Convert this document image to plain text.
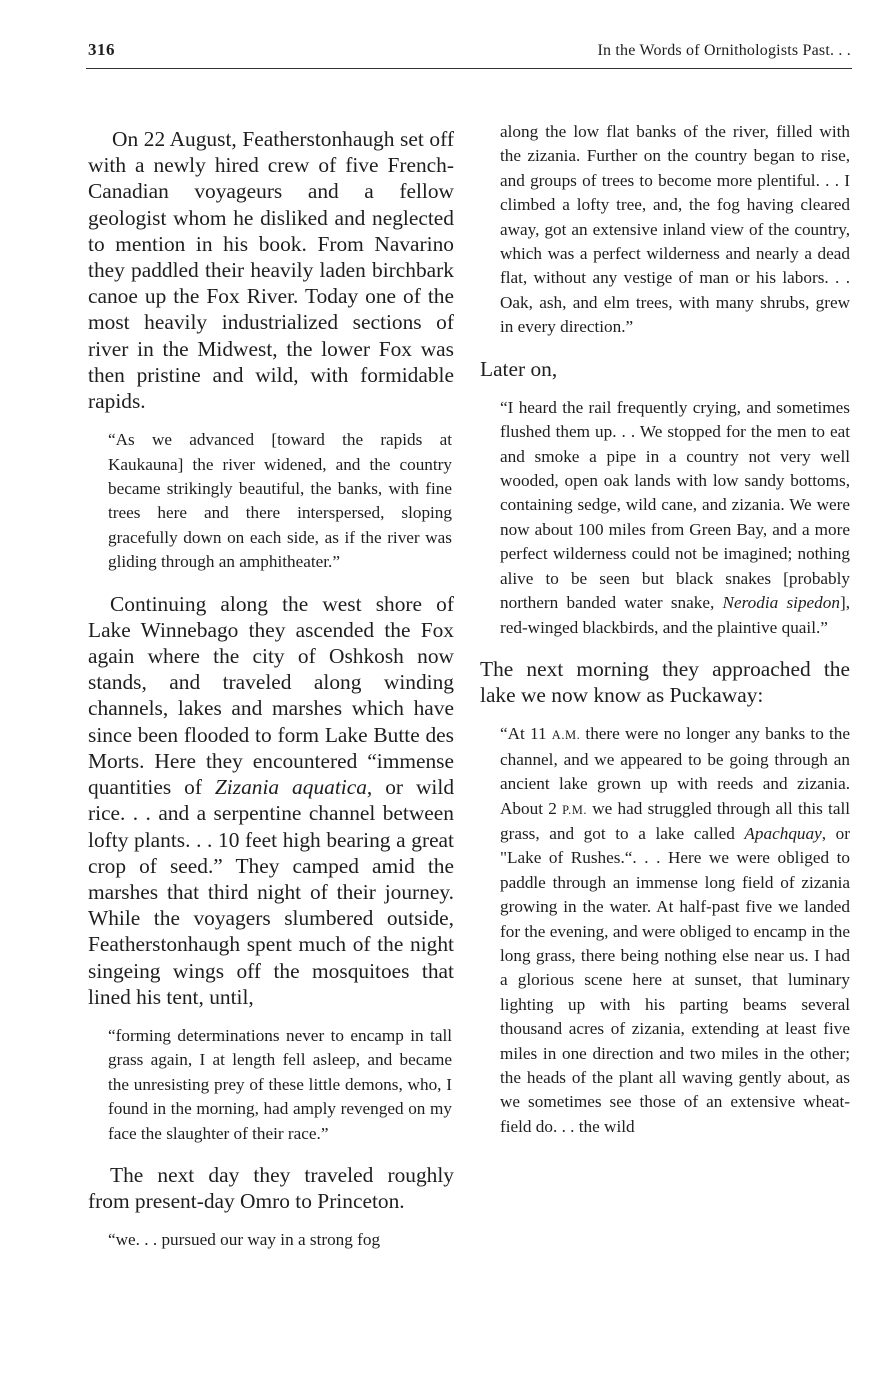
316	In the Words of Ornithologists Past. . .

On 22 August, Featherstonhaugh set off with a newly hired crew of five French-Canadian voyageurs and a fellow geologist whom he disliked and neglected to mention in his book. From Navarino they paddled their heavily laden birchbark canoe up the Fox River. Today one of the most heavily industrialized sections of river in the Midwest, the lower Fox was then pristine and wild, with formidable rapids.

“As we advanced [toward the rapids at Kaukauna] the river widened, and the country became strikingly beautiful, the banks, with fine trees here and there interspersed, sloping gracefully down on each side, as if the river was gliding through an amphitheater.”

Continuing along the west shore of Lake Winnebago they ascended the Fox again where the city of Oshkosh now stands, and traveled along winding channels, lakes and marshes which have since been flooded to form Lake Butte des Morts. Here they encountered “immense quantities of Zizania aquatica, or wild rice. . . and a serpentine channel between lofty plants. . . 10 feet high bearing a great crop of seed.” They camped amid the marshes that third night of their journey. While the voyagers slumbered outside, Featherstonhaugh spent much of the night singeing wings off the mosquitoes that lined his tent, until,

“forming determinations never to encamp in tall grass again, I at length fell asleep, and became the unresisting prey of these little demons, who, I found in the morning, had amply revenged on my face the slaughter of their race.”

The next day they traveled roughly from present-day Omro to Princeton.

“we. . . pursued our way in a strong fog

along the low flat banks of the river, filled with the zizania. Further on the country began to rise, and groups of trees to become more plentiful. . . I climbed a lofty tree, and, the fog having cleared away, got an extensive inland view of the country, which was a perfect wilderness and nearly a dead flat, without any vestige of man or his labors. . . Oak, ash, and elm trees, with many shrubs, grew in every direction.”

Later on,

“I heard the rail frequently crying, and sometimes flushed them up. . . We stopped for the men to eat and smoke a pipe in a country not very well wooded, open oak lands with low sandy bottoms, containing sedge, wild cane, and zizania. We were now about 100 miles from Green Bay, and a more perfect wilderness could not be imagined; nothing alive to be seen but black snakes [probably northern banded water snake, Nerodia sipedon], red-winged blackbirds, and the plaintive quail.”

The next morning they approached the lake we now know as Puckaway:

“At 11 A.M. there were no longer any banks to the channel, and we appeared to be going through an ancient lake grown up with reeds and zizania. About 2 P.M. we had struggled through all this tall grass, and got to a lake called Apachquay, or "Lake of Rushes.“. . . Here we were obliged to paddle through an immense long field of zizania growing in the water. At half-past five we landed for the evening, and were obliged to encamp in the long grass, there being nothing else near us. I had a glorious scene here at sunset, that luminary lighting up with his parting beams several thousand acres of zizania, extending at least five miles in one direction and two miles in the other; the heads of the plant all waving gently about, as we sometimes see those of an extensive wheat-field do. . . the wild
